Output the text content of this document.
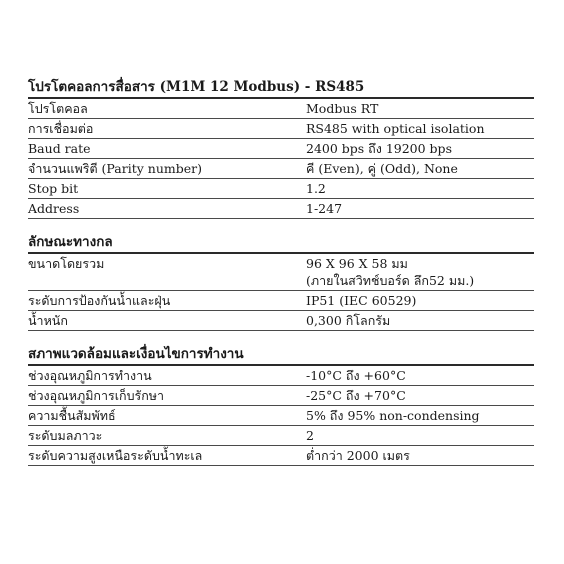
โปรโตคอลการสื่อสาร (M1M 12 Modbus) - RS485
โปรโตคอล	Modbus RT
การเชื่อมต่อ	RS485 with optical isolation
Baud rate	2400 bps ถึง 19200 bps
จำนวนแพริตี (Parity number)	คี (Even), คู่ (Odd), None
Stop bit	1.2
Address	1-247
ลักษณะทางกล
ขนาดโดยรวม	96 X 96 X 58 มม
(ภายในสวิทช์บอร์ด ลึก52 มม.)
ระดับการป้องกันน้ำและฝุ่น	IP51 (IEC 60529)
น้ำหนัก	0,300 กิโลกรัม
สภาพแวดล้อมและเงื่อนไขการทำงาน
ช่วงอุณหภูมิการทำงาน	-10°C ถึง +60°C
ช่วงอุณหภูมิการเก็บรักษา	-25°C ถึง +70°C
ความชื้นสัมพัทธ์	5% ถึง 95% non-condensing
ระดับมลภาวะ	2
ระดับความสูงเหนือระดับน้ำทะเล	ต่ำกว่า 2000 เมตร
